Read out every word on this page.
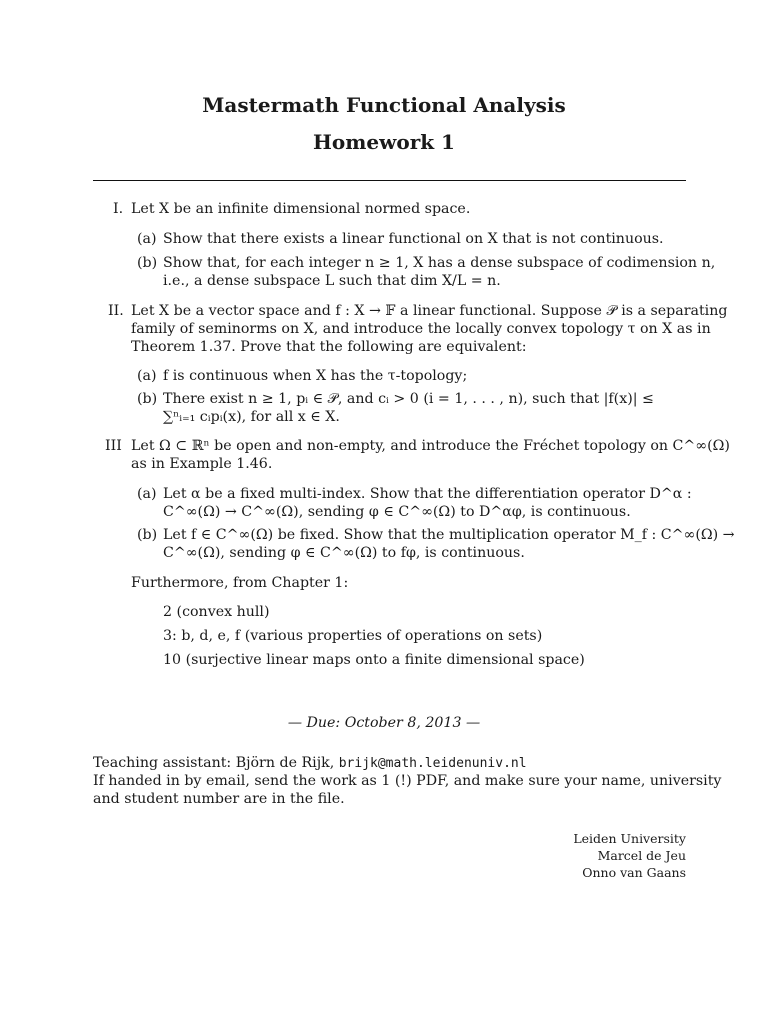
Mastermath Functional Analysis
Homework 1
I. Let X be an infinite dimensional normed space.
(a) Show that there exists a linear functional on X that is not continuous.
(b) Show that, for each integer n ≥ 1, X has a dense subspace of codimension n,
i.e., a dense subspace L such that dim X/L = n.
II. Let X be a vector space and f : X → 𝔽 a linear functional. Suppose 𝒫 is a separating
family of seminorms on X, and introduce the locally convex topology τ on X as in
Theorem 1.37. Prove that the following are equivalent:
(a) f is continuous when X has the τ-topology;
(b) There exist n ≥ 1, pᵢ ∈ 𝒫, and cᵢ > 0 (i = 1, . . . , n), such that |f(x)| ≤
∑ⁿᵢ₌₁ cᵢpᵢ(x), for all x ∈ X.
III Let Ω ⊂ ℝⁿ be open and non-empty, and introduce the Fréchet topology on C^∞(Ω)
as in Example 1.46.
(a) Let α be a fixed multi-index. Show that the differentiation operator D^α :
C^∞(Ω) → C^∞(Ω), sending φ ∈ C^∞(Ω) to D^αφ, is continuous.
(b) Let f ∈ C^∞(Ω) be fixed. Show that the multiplication operator M_f : C^∞(Ω) →
C^∞(Ω), sending φ ∈ C^∞(Ω) to fφ, is continuous.
Furthermore, from Chapter 1:
2 (convex hull)
3: b, d, e, f (various properties of operations on sets)
10 (surjective linear maps onto a finite dimensional space)
— Due: October 8, 2013 —
Teaching assistant: Björn de Rijk, brijk@math.leidenuniv.nl
If handed in by email, send the work as 1 (!) PDF, and make sure your name, university
and student number are in the file.
Leiden University
Marcel de Jeu
Onno van Gaans
